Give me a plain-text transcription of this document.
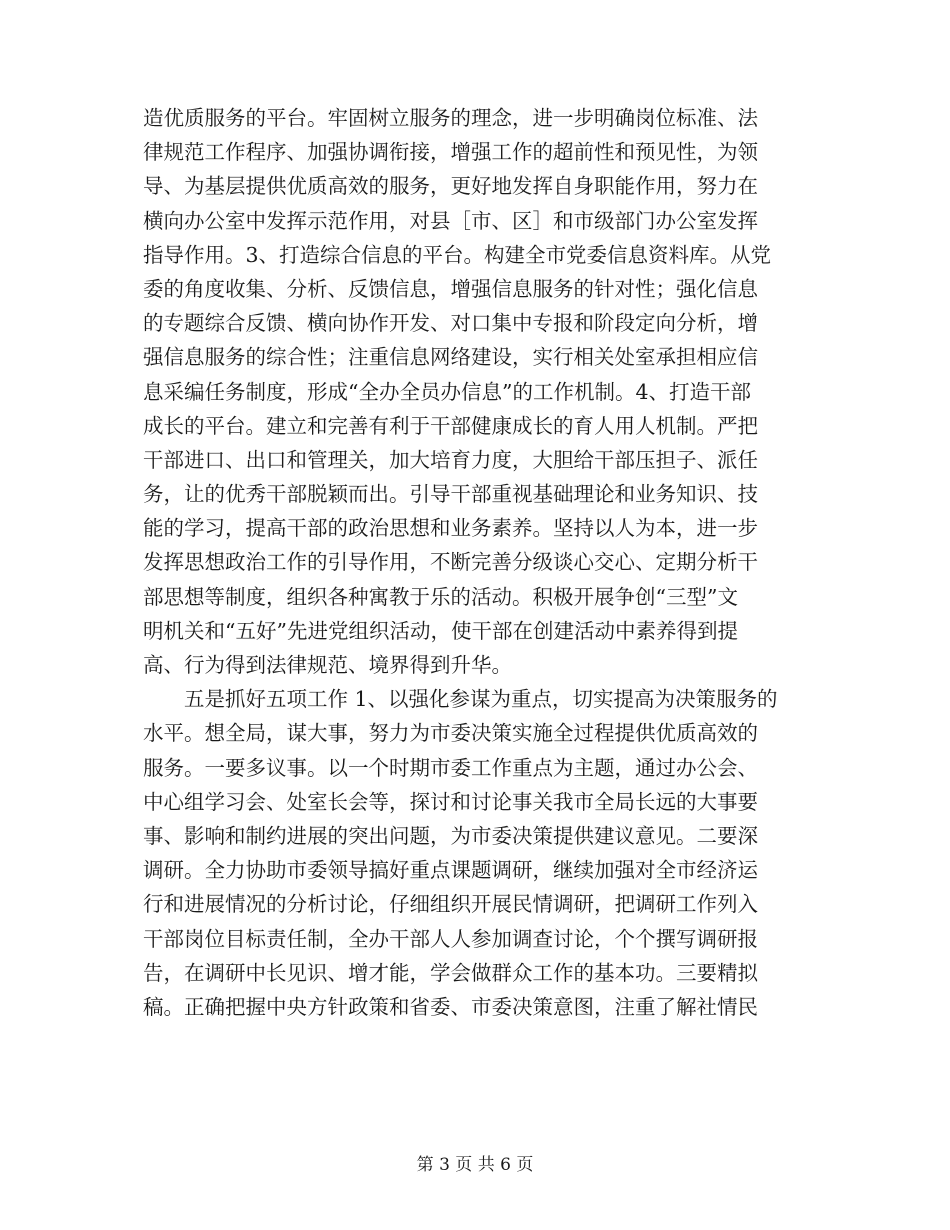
造优质服务的平台。牢固树立服务的理念，进一步明确岗位标准、法
律规范工作程序、加强协调衔接，增强工作的超前性和预见性，为领
导、为基层提供优质高效的服务，更好地发挥自身职能作用，努力在
横向办公室中发挥示范作用，对县［市、区］和市级部门办公室发挥
指导作用。3、打造综合信息的平台。构建全市党委信息资料库。从党
委的角度收集、分析、反馈信息，增强信息服务的针对性；强化信息
的专题综合反馈、横向协作开发、对口集中专报和阶段定向分析，增
强信息服务的综合性；注重信息网络建设，实行相关处室承担相应信
息采编任务制度，形成“全办全员办信息”的工作机制。4、打造干部
成长的平台。建立和完善有利于干部健康成长的育人用人机制。严把
干部进口、出口和管理关，加大培育力度，大胆给干部压担子、派任
务，让的优秀干部脱颖而出。引导干部重视基础理论和业务知识、技
能的学习，提高干部的政治思想和业务素养。坚持以人为本，进一步
发挥思想政治工作的引导作用，不断完善分级谈心交心、定期分析干
部思想等制度，组织各种寓教于乐的活动。积极开展争创“三型”文
明机关和“五好”先进党组织活动，使干部在创建活动中素养得到提
高、行为得到法律规范、境界得到升华。
五是抓好五项工作 1、以强化参谋为重点，切实提高为决策服务的
水平。想全局，谋大事，努力为市委决策实施全过程提供优质高效的
服务。一要多议事。以一个时期市委工作重点为主题，通过办公会、
中心组学习会、处室长会等，探讨和讨论事关我市全局长远的大事要
事、影响和制约进展的突出问题，为市委决策提供建议意见。二要深
调研。全力协助市委领导搞好重点课题调研，继续加强对全市经济运
行和进展情况的分析讨论，仔细组织开展民情调研，把调研工作列入
干部岗位目标责任制，全办干部人人参加调查讨论，个个撰写调研报
告，在调研中长见识、增才能，学会做群众工作的基本功。三要精拟
稿。正确把握中央方针政策和省委、市委决策意图，注重了解社情民
第 3 页 共 6 页
